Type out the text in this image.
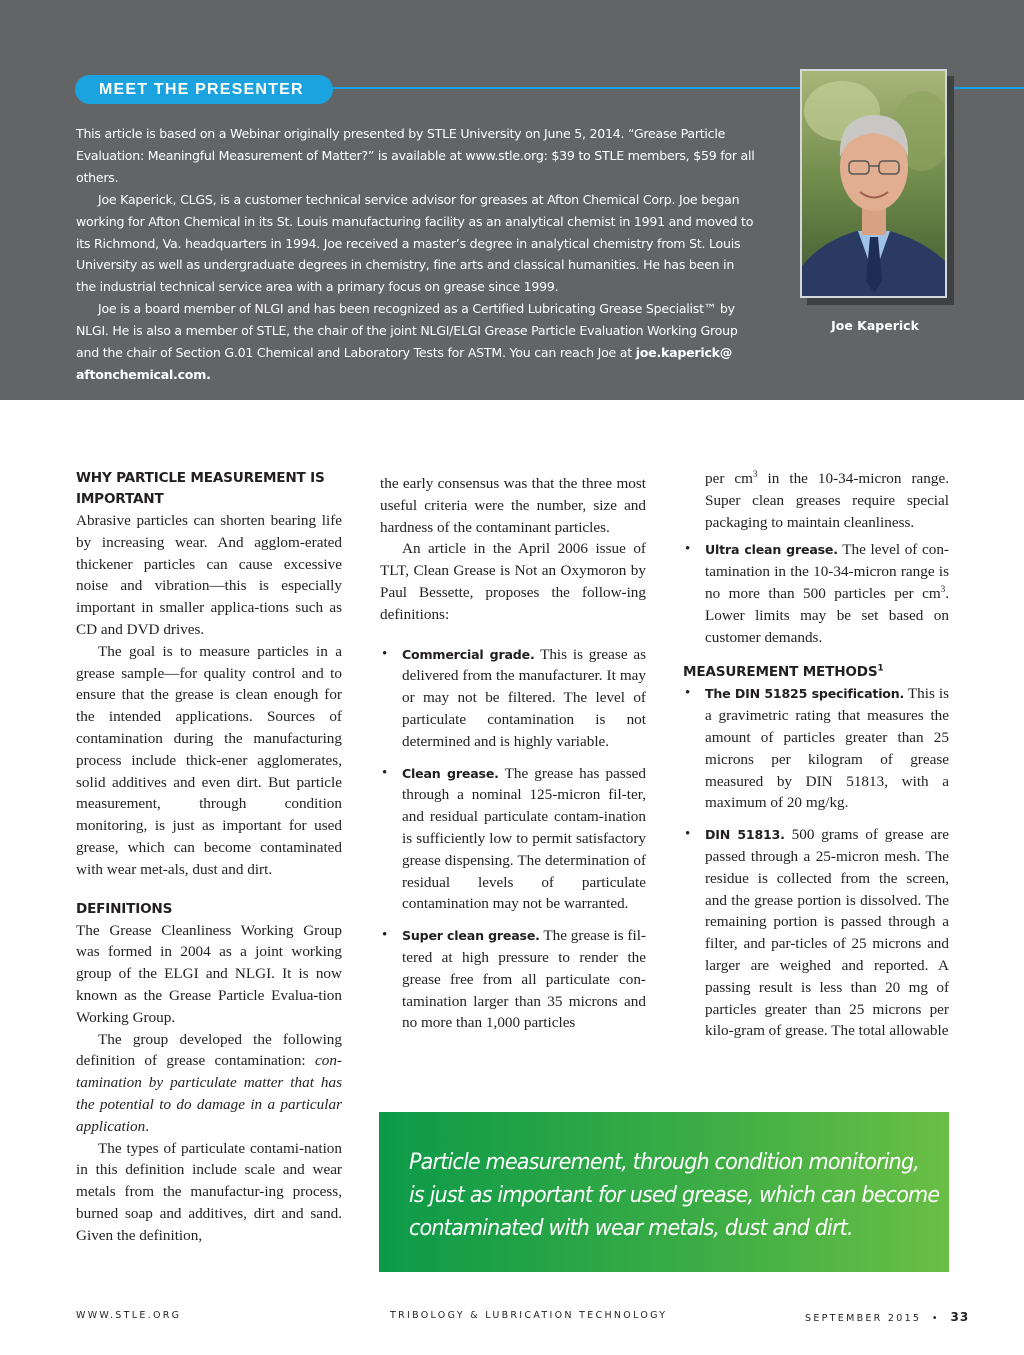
MEET THE PRESENTER

This article is based on a Webinar originally presented by STLE University on June 5, 2014. “Grease Particle Evaluation: Meaningful Measurement of Matter?” is available at www.stle.org: $39 to STLE members, $59 for all others.

Joe Kaperick, CLGS, is a customer technical service advisor for greases at Afton Chemical Corp. Joe began working for Afton Chemical in its St. Louis manufacturing facility as an analytical chemist in 1991 and moved to its Richmond, Va. headquarters in 1994. Joe received a master’s degree in analytical chemistry from St. Louis University as well as undergraduate degrees in chemistry, fine arts and classical humanities. He has been in the industrial technical service area with a primary focus on grease since 1999.

Joe is a board member of NLGI and has been recognized as a Certified Lubricating Grease Specialist™ by NLGI. He is also a member of STLE, the chair of the joint NLGI/ELGI Grease Particle Evaluation Working Group and the chair of Section G.01 Chemical and Laboratory Tests for ASTM. You can reach Joe at joe.kaperick@ aftonchemical.com.

Joe Kaperick
WHY PARTICLE MEASUREMENT IS IMPORTANT

Abrasive particles can shorten bearing life by increasing wear. And agglom-erated thickener particles can cause excessive noise and vibration—this is especially important in smaller applica-tions such as CD and DVD drives.

The goal is to measure particles in a grease sample—for quality control and to ensure that the grease is clean enough for the intended applications. Sources of contamination during the manufacturing process include thick-ener agglomerates, solid additives and even dirt. But particle measurement, through condition monitoring, is just as important for used grease, which can become contaminated with wear met-als, dust and dirt.

DEFINITIONS

The Grease Cleanliness Working Group was formed in 2004 as a joint working group of the ELGI and NLGI. It is now known as the Grease Particle Evalua-tion Working Group.

The group developed the following definition of grease contamination: con-tamination by particulate matter that has the potential to do damage in a particular application.

The types of particulate contami-nation in this definition include scale and wear metals from the manufactur-ing process, burned soap and additives, dirt and sand. Given the definition,

the early consensus was that the three most useful criteria were the number, size and hardness of the contaminant particles.

An article in the April 2006 issue of TLT, Clean Grease is Not an Oxymoron by Paul Bessette, proposes the follow-ing definitions:

• Commercial grade. This is grease as delivered from the manufacturer. It may or may not be filtered. The level of particulate contamination is not determined and is highly variable.

• Clean grease. The grease has passed through a nominal 125-micron fil-ter, and residual particulate contam-ination is sufficiently low to permit satisfactory grease dispensing. The determination of residual levels of particulate contamination may not be warranted.

• Super clean grease. The grease is fil-tered at high pressure to render the grease free from all particulate con-tamination larger than 35 microns and no more than 1,000 particles

per $cm^3$ in the 10-34-micron range. Super clean greases require special packaging to maintain cleanliness.

• Ultra clean grease. The level of con-tamination in the 10-34-micron range is no more than 500 particles per $cm^3$. Lower limits may be set based on customer demands.

MEASUREMENT METHODS$^1$

• The DIN 51825 specification. This is a gravimetric rating that measures the amount of particles greater than 25 microns per kilogram of grease measured by DIN 51813, with a maximum of 20 mg/kg.

• DIN 51813. 500 grams of grease are passed through a 25-micron mesh. The residue is collected from the screen, and the grease portion is dissolved. The remaining portion is passed through a filter, and par-ticles of 25 microns and larger are weighed and reported. A passing result is less than 20 mg of particles greater than 25 microns per kilo-gram of grease. The total allowable

Particle measurement, through condition monitoring,
is just as important for used grease, which can become
contaminated with wear metals, dust and dirt.

WWW.STLE.ORG	TRIBOLOGY & LUBRICATION TECHNOLOGY	SEPTEMBER 2015 • 33
